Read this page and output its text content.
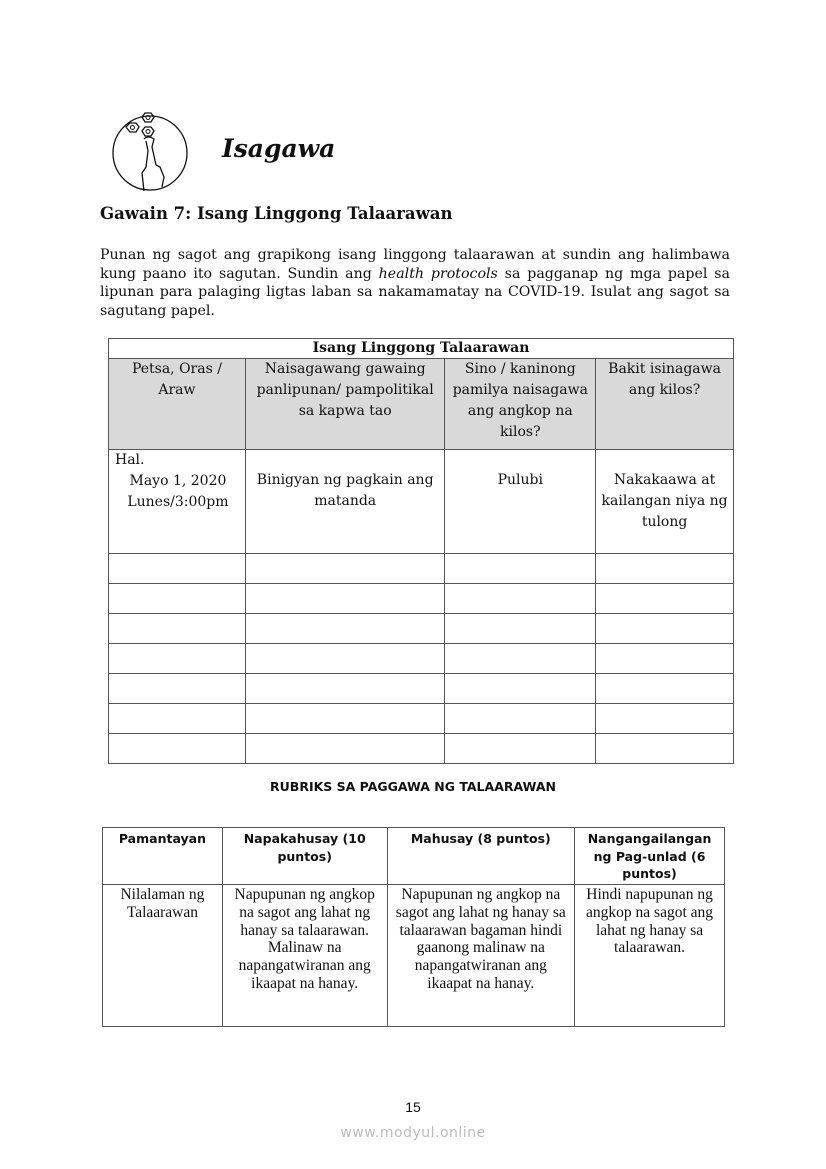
Isagawa
Gawain 7: Isang Linggong Talaarawan
Punan ng sagot ang grapikong isang linggong talaarawan at sundin ang halimbawa kung paano ito sagutan. Sundin ang health protocols sa pagganap ng mga papel sa lipunan para palaging ligtas laban sa nakamamatay na COVID-19. Isulat ang sagot sa sagutang papel.
Isang Linggong Talaarawan			
Petsa, Oras / Araw	Naisagawang gawaing panlipunan/ pampolitikal sa kapwa tao	Sino / kaninong pamilya naisagawa ang angkop na kilos?	Bakit isinagawa ang kilos?

Hal.
Mayo 1, 2020 Lunes/3:00pm	Binigyan ng pagkain ang matanda	Pulubi	Nakakaawa at kailangan niya ng tulong

RUBRIKS SA PAGGAWA NG TALAARAWAN
Pamantayan	Napakahusay (10 puntos)	Mahusay (8 puntos)	Nangangailangan ng Pag-unlad (6 puntos)
Nilalaman ng Talaarawan	Napupunan ng angkop na sagot ang lahat ng hanay sa talaarawan. Malinaw na napangatwiranan ang ikaapat na hanay.	Napupunan ng angkop na sagot ang lahat ng hanay sa talaarawan bagaman hindi gaanong malinaw na napangatwiranan ang ikaapat na hanay.	Hindi napupunan ng angkop na sagot ang lahat ng hanay sa talaarawan.
15
www.modyul.online
